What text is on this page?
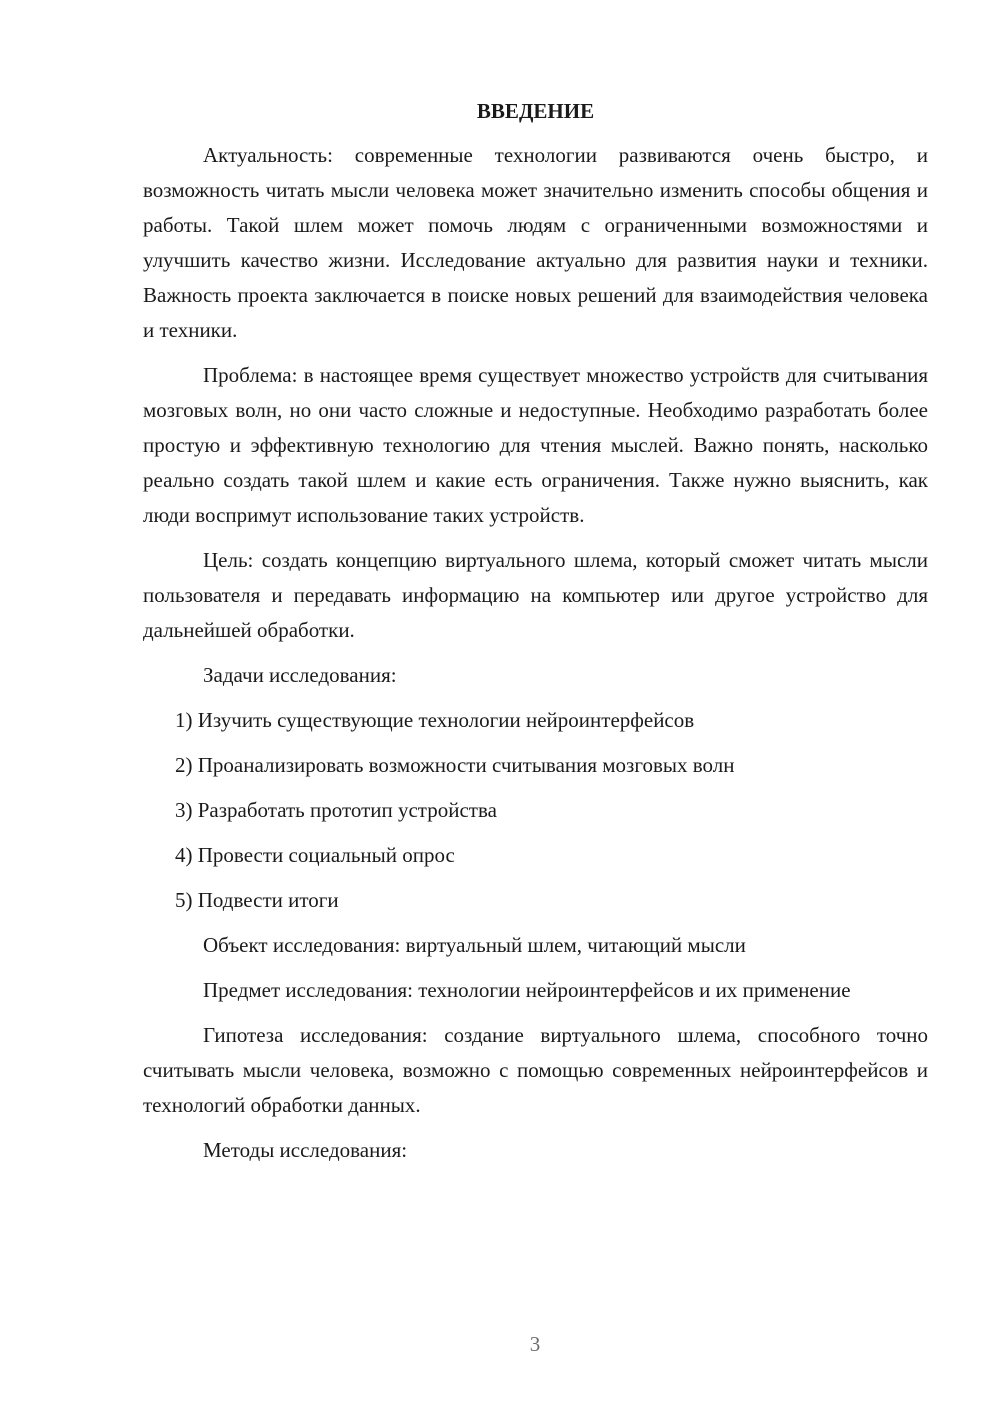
ВВЕДЕНИЕ

Актуальность: современные технологии развиваются очень быстро, и возможность читать мысли человека может значительно изменить способы общения и работы. Такой шлем может помочь людям с ограниченными возможностями и улучшить качество жизни. Исследование актуально для развития науки и техники. Важность проекта заключается в поиске новых решений для взаимодействия человека и техники.

Проблема: в настоящее время существует множество устройств для считывания мозговых волн, но они часто сложные и недоступные. Необходимо разработать более простую и эффективную технологию для чтения мыслей. Важно понять, насколько реально создать такой шлем и какие есть ограничения. Также нужно выяснить, как люди воспримут использование таких устройств.

Цель: создать концепцию виртуального шлема, который сможет читать мысли пользователя и передавать информацию на компьютер или другое устройство для дальнейшей обработки.

Задачи исследования:

1) Изучить существующие технологии нейроинтерфейсов
2) Проанализировать возможности считывания мозговых волн
3) Разработать прототип устройства
4) Провести социальный опрос
5) Подвести итоги

Объект исследования: виртуальный шлем, читающий мысли

Предмет исследования: технологии нейроинтерфейсов и их применение

Гипотеза исследования: создание виртуального шлема, способного точно считывать мысли человека, возможно с помощью современных нейроинтерфейсов и технологий обработки данных.

Методы исследования:

3
